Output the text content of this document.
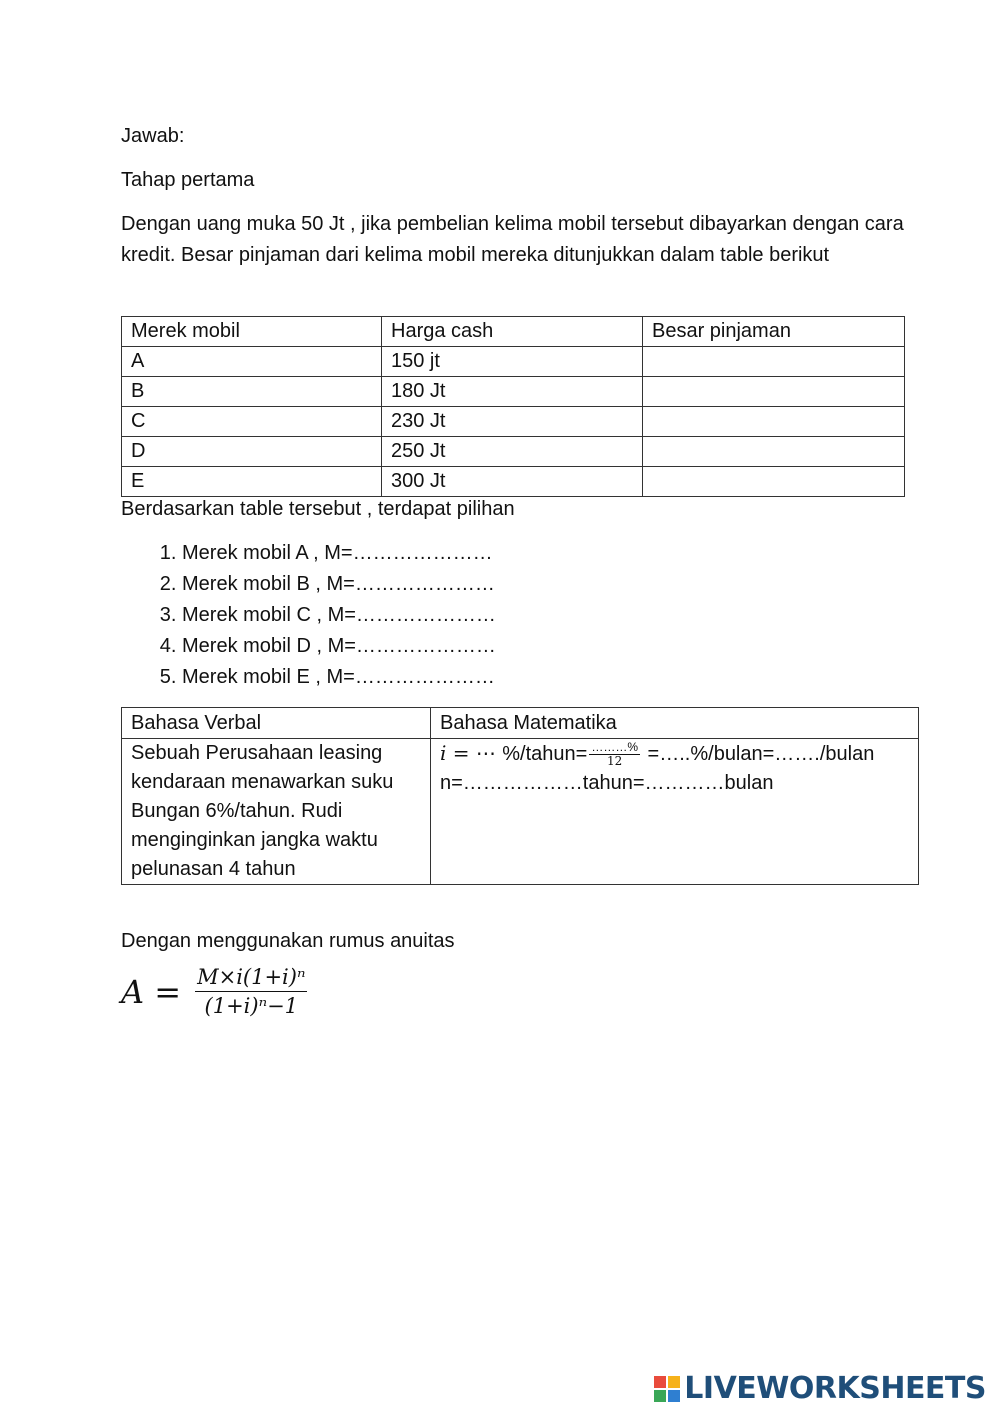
Jawab:

Tahap pertama

Dengan uang muka 50 Jt , jika pembelian kelima mobil tersebut dibayarkan dengan cara kredit. Besar pinjaman dari kelima mobil mereka ditunjukkan dalam table berikut

Merek mobil	Harga cash	Besar pinjaman
A	150 jt	
B	180 Jt	
C	230 Jt	
D	250 Jt	
E	300 Jt	

Berdasarkan table tersebut , terdapat pilihan

1. Merek mobil A , M=…………………
2. Merek mobil B , M=…………………
3. Merek mobil C , M=…………………
4. Merek mobil D , M=…………………
5. Merek mobil E , M=…………………
Bahasa Verbal	Bahasa Matematika
Sebuah Perusahaan leasing kendaraan menawarkan suku Bungan 6%/tahun. Rudi menginginkan jangka waktu pelunasan 4 tahun	i = ⋯ %/tahun= $\frac{\dots\dots\dots\%}{12}$ =…..%/bulan=……./bulan
n=………………tahun=…………bulan

Dengan menggunakan rumus anuitas

$A = \frac{\text{M×i(1+i)ⁿ}}{\text{(1+i)ⁿ−1}}$
LIVEWORKSHEETS
